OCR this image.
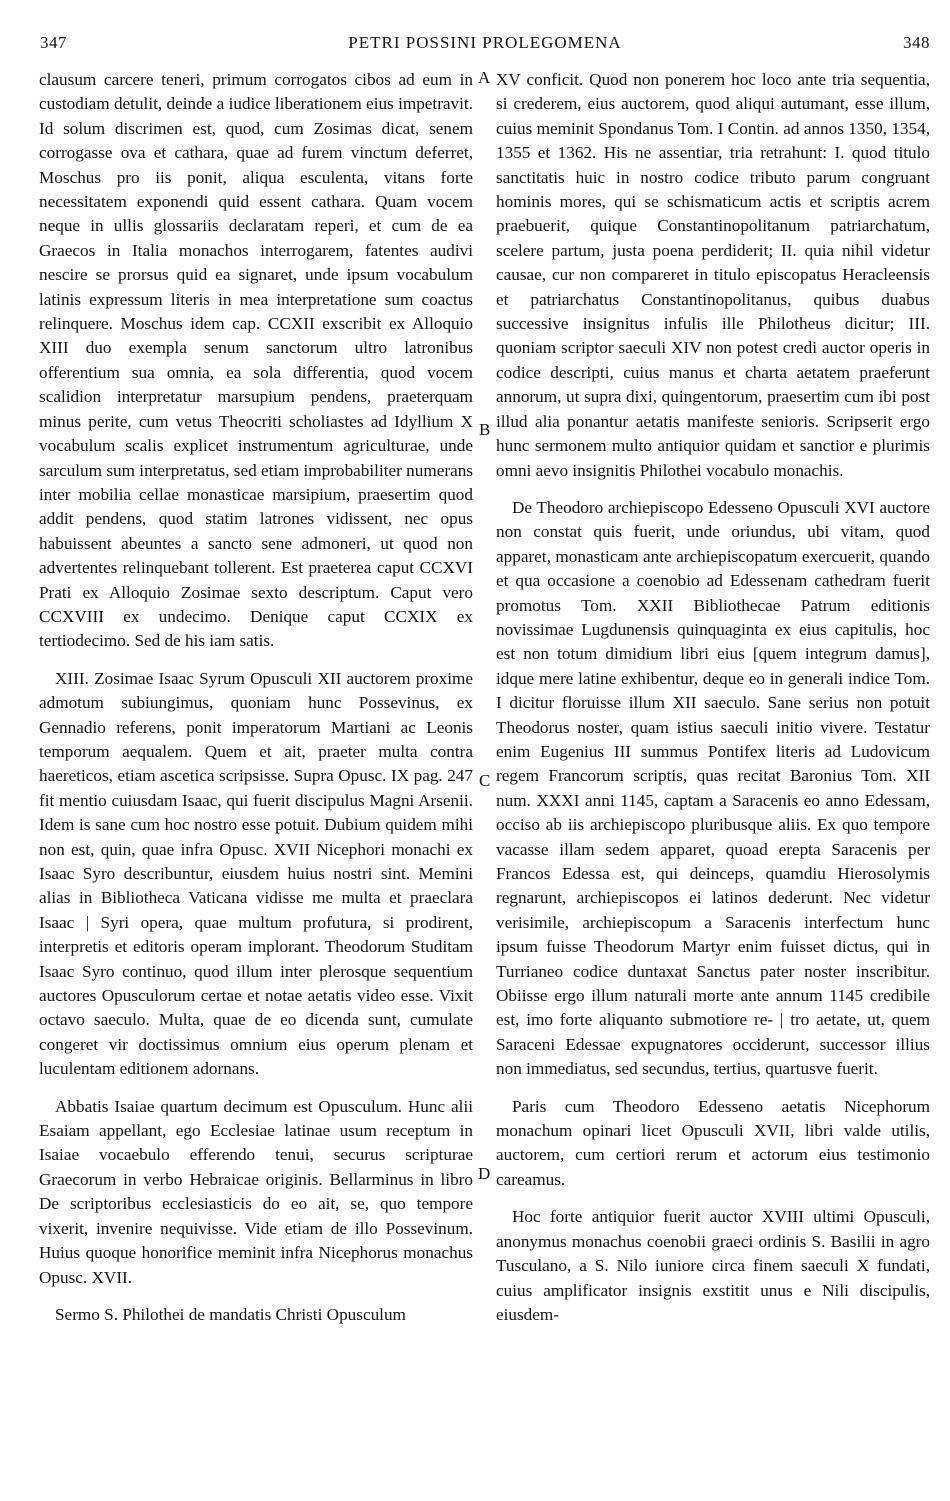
347	PETRI POSSINI PROLEGOMENA	348
A
B
C
D

clausum carcere teneri, primum corrogatos cibos ad eum in custodiam detulit, deinde a iudice liberationem eius impetravit. Id solum discrimen est, quod, cum Zosimas dicat, senem corrogasse ova et cathara, quae ad furem vinctum deferret, Moschus pro iis ponit, aliqua esculenta, vitans forte necessitatem exponendi quid essent cathara. Quam vocem neque in ullis glossariis declaratam reperi, et cum de ea Graecos in Italia monachos interrogarem, fatentes audivi nescire se prorsus quid ea signaret, unde ipsum vocabulum latinis expressum literis in mea interpretatione sum coactus relinquere. Moschus idem cap. CCXII exscribit ex Alloquio XIII duo exempla senum sanctorum ultro latronibus offerentium sua omnia, ea sola differentia, quod vocem scalidion interpretatur marsupium pendens, praeterquam minus perite, cum vetus Theocriti scholiastes ad Idyllium X vocabulum scalis explicet instrumentum agriculturae, unde sarculum sum interpretatus, sed etiam improbabiliter numerans inter mobilia cellae monasticae marsipium, praesertim quod addit pendens, quod statim latrones vidissent, nec opus habuissent abeuntes a sancto sene admoneri, ut quod non advertentes relinquebant tollerent. Est praeterea caput CCXVI Prati ex Alloquio Zosimae sexto descriptum. Caput vero CCXVIII ex undecimo. Denique caput CCXIX ex tertiodecimo. Sed de his iam satis.

XIII. Zosimae Isaac Syrum Opusculi XII auctorem proxime admotum subiungimus, quoniam hunc Possevinus, ex Gennadio referens, ponit imperatorum Martiani ac Leonis temporum aequalem. Quem et ait, praeter multa contra haereticos, etiam ascetica scripsisse. Supra Opusc. IX pag. 247 fit mentio cuiusdam Isaac, qui fuerit discipulus Magni Arsenii. Idem is sane cum hoc nostro esse potuit. Dubium quidem mihi non est, quin, quae infra Opusc. XVII Nicephori monachi ex Isaac Syro describuntur, eiusdem huius nostri sint. Memini alias in Bibliotheca Vaticana vidisse me multa et praeclara Isaac | Syri opera, quae multum profutura, si prodirent, interpretis et editoris operam implorant. Theodorum Studitam Isaac Syro continuo, quod illum inter plerosque sequentium auctores Opusculorum certae et notae aetatis video esse. Vixit octavo saeculo. Multa, quae de eo dicenda sunt, cumulate congeret vir doctissimus omnium eius operum plenam et luculentam editionem adornans.

Abbatis Isaiae quartum decimum est Opusculum. Hunc alii Esaiam appellant, ego Ecclesiae latinae usum receptum in Isaiae vocaebulo efferendo tenui, securus scripturae Graecorum in verbo Hebraicae originis. Bellarminus in libro De scriptoribus ecclesiasticis do eo ait, se, quo tempore vixerit, invenire nequivisse. Vide etiam de illo Possevinum. Huius quoque honorifice meminit infra Nicephorus monachus Opusc. XVII.

Sermo S. Philothei de mandatis Christi Opusculum

XV conficit. Quod non ponerem hoc loco ante tria sequentia, si crederem, eius auctorem, quod aliqui autumant, esse illum, cuius meminit Spondanus Tom. I Contin. ad annos 1350, 1354, 1355 et 1362. His ne assentiar, tria retrahunt: I. quod titulo sanctitatis huic in nostro codice tributo parum congruant hominis mores, qui se schismaticum actis et scriptis acrem praebuerit, quique Constantinopolitanum patriarchatum, scelere partum, justa poena perdiderit; II. quia nihil videtur causae, cur non compareret in titulo episcopatus Heracleensis et patriarchatus Constantinopolitanus, quibus duabus successive insignitus infulis ille Philotheus dicitur; III. quoniam scriptor saeculi XIV non potest credi auctor operis in codice descripti, cuius manus et charta aetatem praeferunt annorum, ut supra dixi, quingentorum, praesertim cum ibi post illud alia ponantur aetatis manifeste senioris. Scripserit ergo hunc sermonem multo antiquior quidam et sanctior e plurimis omni aevo insignitis Philothei vocabulo monachis.

De Theodoro archiepiscopo Edesseno Opusculi XVI auctore non constat quis fuerit, unde oriundus, ubi vitam, quod apparet, monasticam ante archiepiscopatum exercuerit, quando et qua occasione a coenobio ad Edessenam cathedram fuerit promotus Tom. XXII Bibliothecae Patrum editionis novissimae Lugdunensis quinquaginta ex eius capitulis, hoc est non totum dimidium libri eius [quem integrum damus], idque mere latine exhibentur, deque eo in generali indice Tom. I dicitur floruisse illum XII saeculo. Sane serius non potuit Theodorus noster, quam istius saeculi initio vivere. Testatur enim Eugenius III summus Pontifex literis ad Ludovicum regem Francorum scriptis, quas recitat Baronius Tom. XII num. XXXI anni 1145, captam a Saracenis eo anno Edessam, occiso ab iis archiepiscopo pluribusque aliis. Ex quo tempore vacasse illam sedem apparet, quoad erepta Saracenis per Francos Edessa est, qui deinceps, quamdiu Hierosolymis regnarunt, archiepiscopos ei latinos dederunt. Nec videtur verisimile, archiepiscopum a Saracenis interfectum hunc ipsum fuisse Theodorum Martyr enim fuisset dictus, qui in Turrianeo codice duntaxat Sanctus pater noster inscribitur. Obiisse ergo illum naturali morte ante annum 1145 credibile est, imo forte aliquanto submotiore re- | tro aetate, ut, quem Saraceni Edessae expugnatores occiderunt, successor illius non immediatus, sed secundus, tertius, quartusve fuerit.

Paris cum Theodoro Edesseno aetatis Nicephorum monachum opinari licet Opusculi XVII, libri valde utilis, auctorem, cum certiori rerum et actorum eius testimonio careamus.

Hoc forte antiquior fuerit auctor XVIII ultimi Opusculi, anonymus monachus coenobii graeci ordinis S. Basilii in agro Tusculano, a S. Nilo iuniore circa finem saeculi X fundati, cuius amplificator insignis exstitit unus e Nili discipulis, eiusdem-
